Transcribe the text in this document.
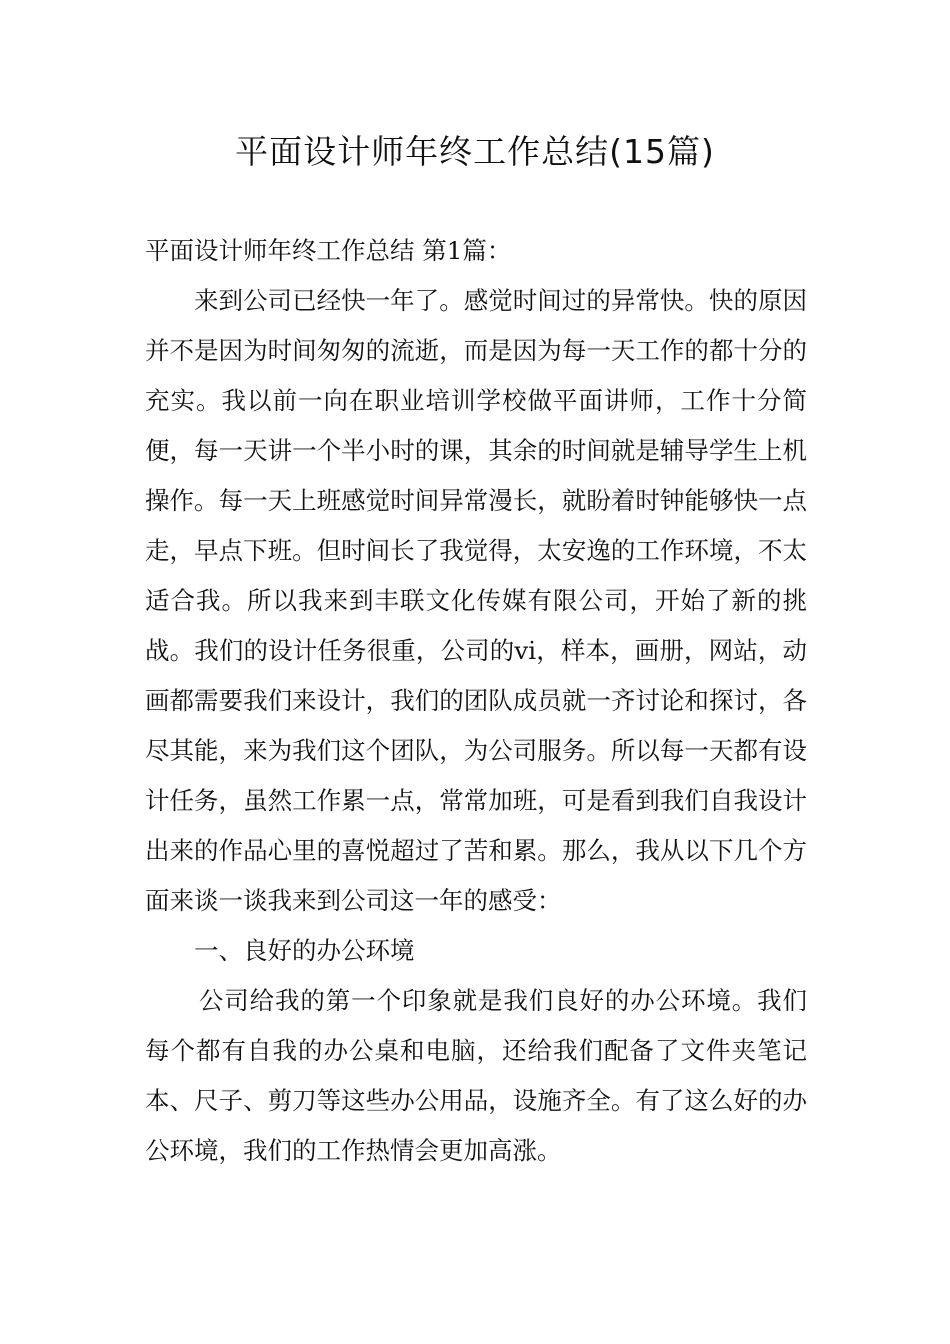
平面设计师年终工作总结(15篇)

平面设计师年终工作总结 第1篇：

来到公司已经快一年了。感觉时间过的异常快。快的原因并不是因为时间匆匆的流逝，而是因为每一天工作的都十分的充实。我以前一向在职业培训学校做平面讲师，工作十分简便，每一天讲一个半小时的课，其余的时间就是辅导学生上机操作。每一天上班感觉时间异常漫长，就盼着时钟能够快一点走，早点下班。但时间长了我觉得，太安逸的工作环境，不太适合我。所以我来到丰联文化传媒有限公司，开始了新的挑战。我们的设计任务很重，公司的vi，样本，画册，网站，动画都需要我们来设计，我们的团队成员就一齐讨论和探讨，各尽其能，来为我们这个团队，为公司服务。所以每一天都有设计任务，虽然工作累一点，常常加班，可是看到我们自我设计出来的作品心里的喜悦超过了苦和累。那么，我从以下几个方面来谈一谈我来到公司这一年的感受：

一、良好的办公环境

公司给我的第一个印象就是我们良好的办公环境。我们每个都有自我的办公桌和电脑，还给我们配备了文件夹笔记本、尺子、剪刀等这些办公用品，设施齐全。有了这么好的办公环境，我们的工作热情会更加高涨。
